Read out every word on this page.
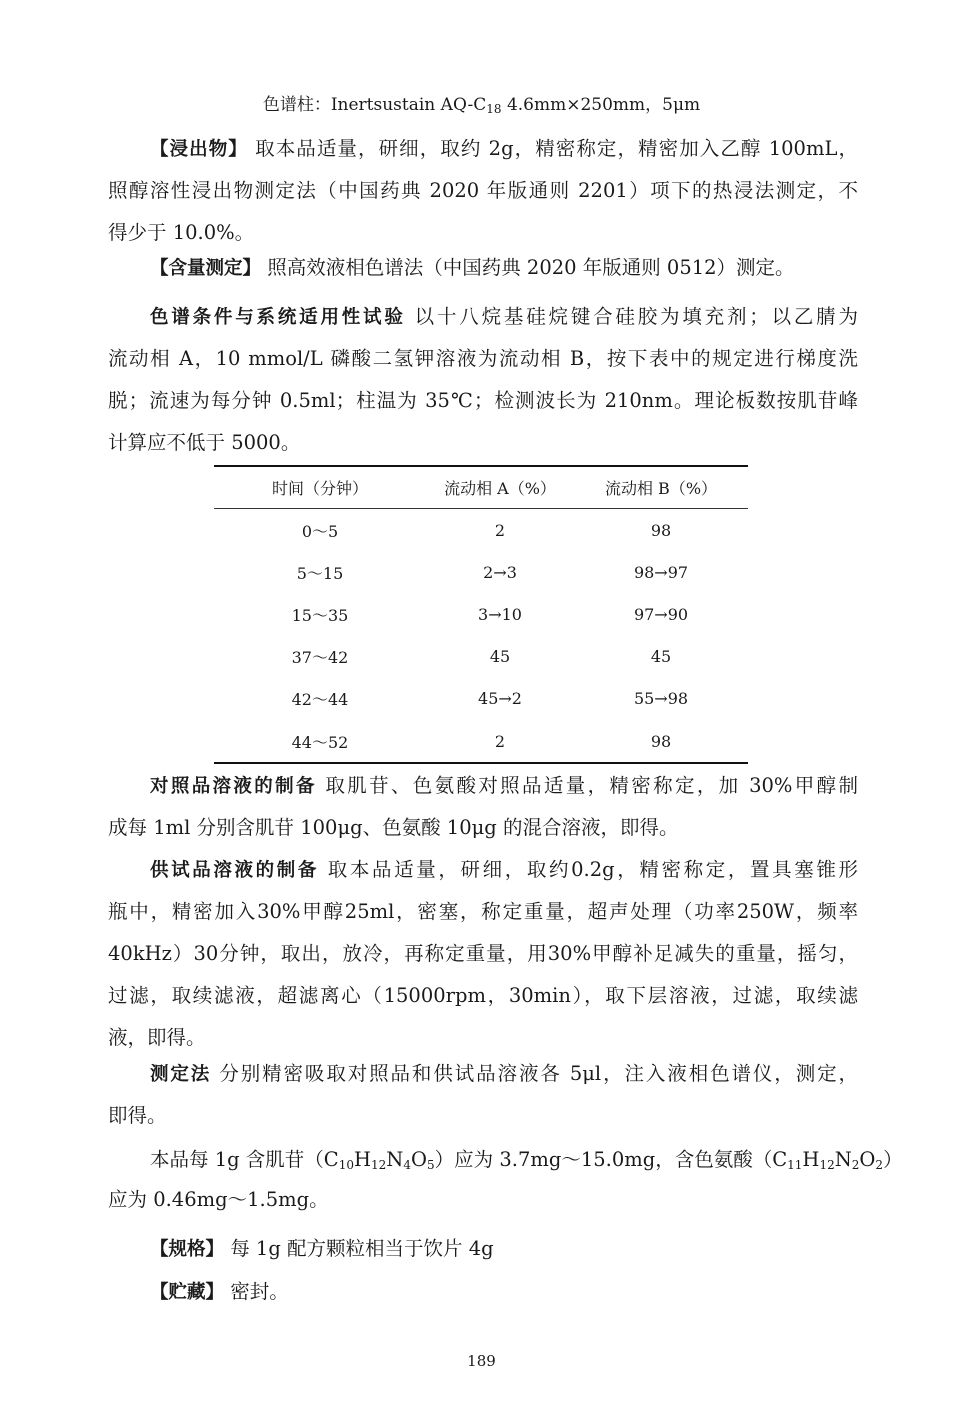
色谱柱：Inertsustain $AQ-C_{18}$ 4.6mm×250mm，5μm
【浸出物】 取本品适量，研细，取约 2g，精密称定，精密加入乙醇 100mL，
照醇溶性浸出物测定法（中国药典 2020 年版通则 2201）项下的热浸法测定，不
得少于 10.0%。
【含量测定】 照高效液相色谱法（中国药典 2020 年版通则 0512）测定。
色谱条件与系统适用性试验 以十八烷基硅烷键合硅胶为填充剂；以乙腈为
流动相 A，10 mmol/L 磷酸二氢钾溶液为流动相 B，按下表中的规定进行梯度洗
脱；流速为每分钟 0.5ml；柱温为 35℃；检测波长为 210nm。理论板数按肌苷峰
计算应不低于 5000。
时间（分钟）	流动相 A（%）	流动相 B（%）
0～5	2	98
5～15	2→3	98→97
15～35	3→10	97→90
37～42	45	45
42～44	45→2	55→98
44～52	2	98
对照品溶液的制备 取肌苷、色氨酸对照品适量，精密称定，加 30%甲醇制
成每 1ml 分别含肌苷 100μg、色氨酸 10μg 的混合溶液，即得。
供试品溶液的制备 取本品适量，研细，取约0.2g，精密称定，置具塞锥形
瓶中，精密加入30%甲醇25ml，密塞，称定重量，超声处理（功率250W，频率
40kHz）30分钟，取出，放冷，再称定重量，用30%甲醇补足减失的重量，摇匀，
过滤，取续滤液，超滤离心（15000rpm，30min），取下层溶液，过滤，取续滤
液，即得。
测定法 分别精密吸取对照品和供试品溶液各 5μl，注入液相色谱仪，测定，
即得。
本品每 1g 含肌苷$(C_{10}H_{12}N_4O_5)$应为 3.7mg～15.0mg，含色氨酸$(C_{11}H_{12}N_2O_2)$
应为 0.46mg～1.5mg。
【规格】 每 1g 配方颗粒相当于饮片 4g
【贮藏】 密封。
189
